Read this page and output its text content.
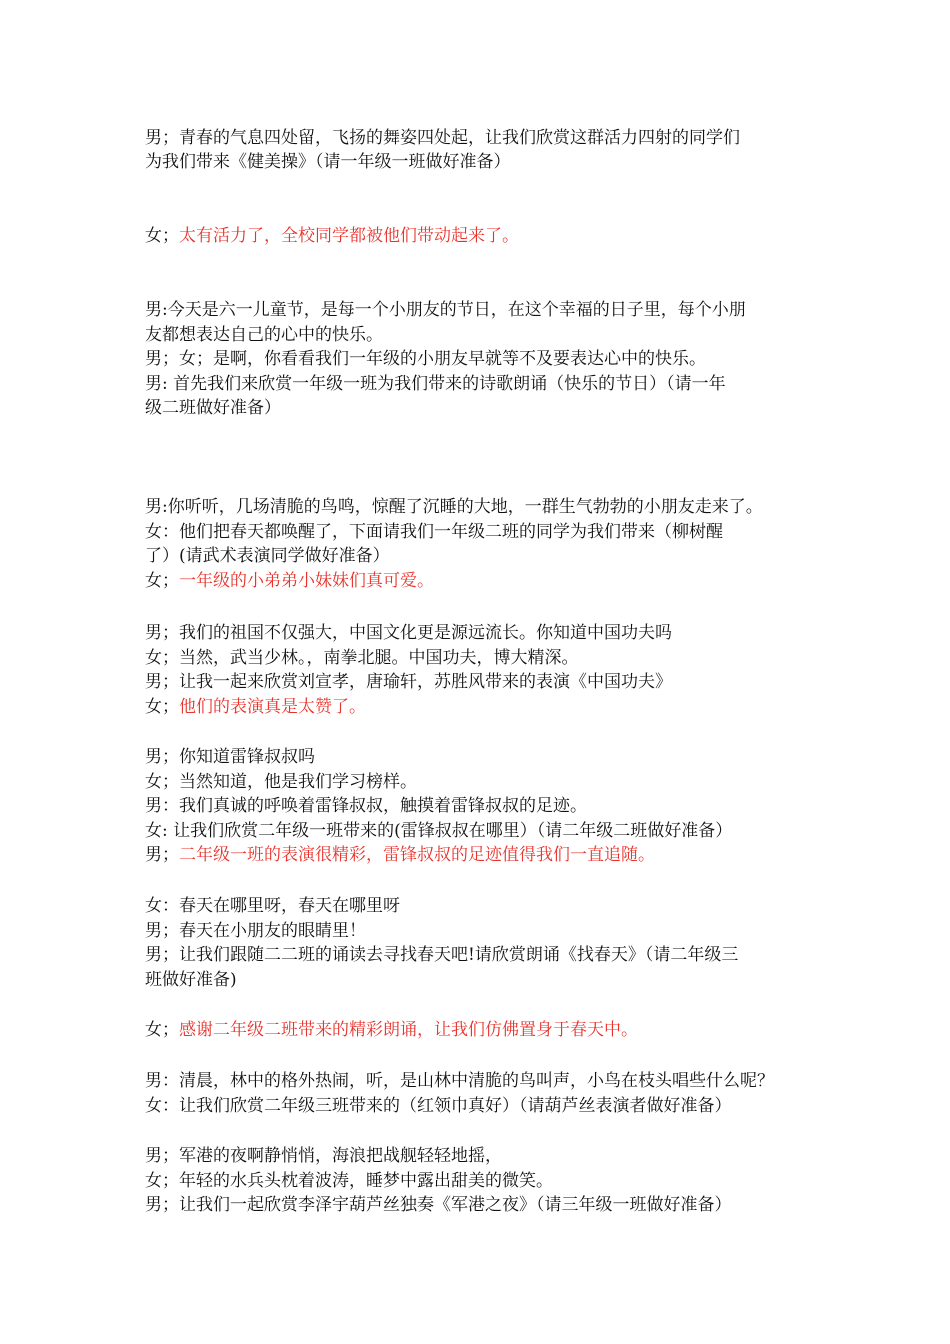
男；青春的气息四处留，飞扬的舞姿四处起，让我们欣赏这群活力四射的同学们
为我们带来《健美操》（请一年级一班做好准备）
女；太有活力了，全校同学都被他们带动起来了。
男:今天是六一儿童节，是每一个小朋友的节日，在这个幸福的日子里，每个小朋
友都想表达自己的心中的快乐。
男；女；是啊，你看看我们一年级的小朋友早就等不及要表达心中的快乐。
男: 首先我们来欣赏一年级一班为我们带来的诗歌朗诵（快乐的节日）（请一年
级二班做好准备）
男:你听听，几场清脆的鸟鸣，惊醒了沉睡的大地，一群生气勃勃的小朋友走来了。
女：他们把春天都唤醒了，下面请我们一年级二班的同学为我们带来（柳树醒
了）(请武术表演同学做好准备）
女；一年级的小弟弟小妹妹们真可爱。
男；我们的祖国不仅强大，中国文化更是源远流长。你知道中国功夫吗
女；当然，武当少林。，南拳北腿。中国功夫，博大精深。
男；让我一起来欣赏刘宣孝，唐瑜轩，苏胜风带来的表演《中国功夫》
女；他们的表演真是太赞了。
男；你知道雷锋叔叔吗
女；当然知道，他是我们学习榜样。
男：我们真诚的呼唤着雷锋叔叔，触摸着雷锋叔叔的足迹。
女: 让我们欣赏二年级一班带来的(雷锋叔叔在哪里）（请二年级二班做好准备）
男；二年级一班的表演很精彩，雷锋叔叔的足迹值得我们一直追随。
女：春天在哪里呀，春天在哪里呀
男；春天在小朋友的眼睛里！
男；让我们跟随二二班的诵读去寻找春天吧!请欣赏朗诵《找春天》（请二年级三
班做好准备)
女；感谢二年级二班带来的精彩朗诵，让我们仿佛置身于春天中。
男：清晨，林中的格外热闹，听，是山林中清脆的鸟叫声，小鸟在枝头唱些什么呢？
女：让我们欣赏二年级三班带来的（红领巾真好）（请葫芦丝表演者做好准备）
男；军港的夜啊静悄悄，海浪把战舰轻轻地摇，
女；年轻的水兵头枕着波涛，睡梦中露出甜美的微笑。
男；让我们一起欣赏李泽宇葫芦丝独奏《军港之夜》（请三年级一班做好准备）
